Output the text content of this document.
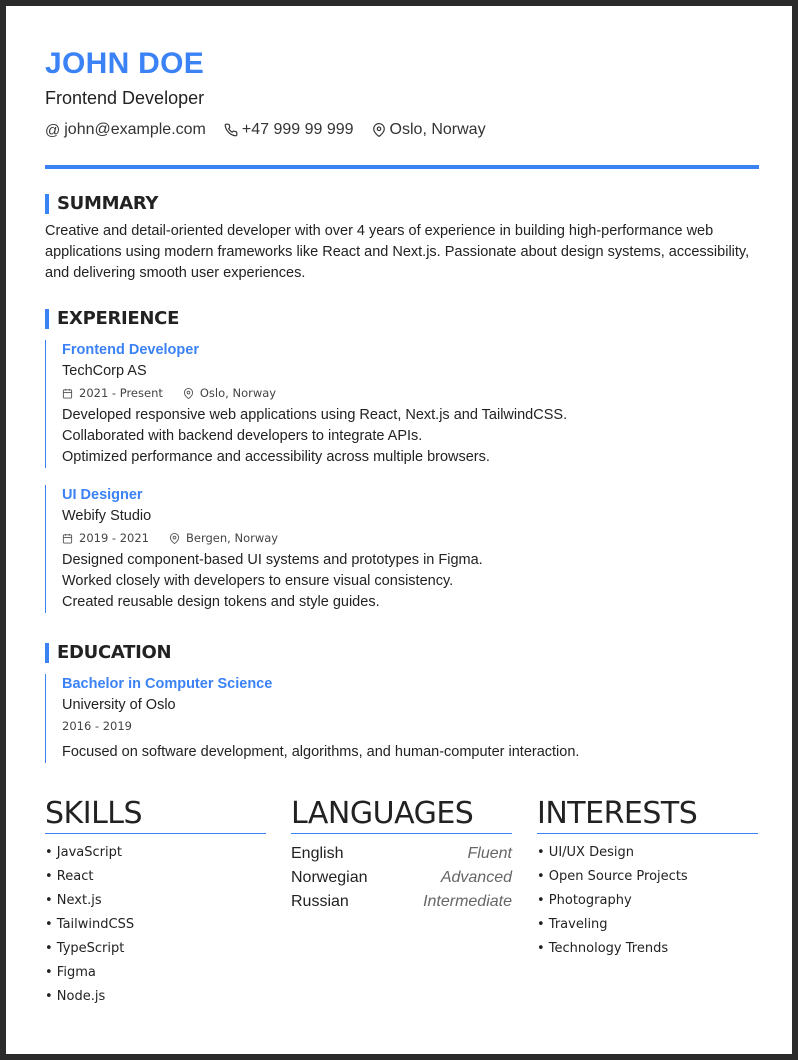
JOHN DOE
Frontend Developer
@ john@example.com +47 999 99 999 Oslo, Norway
SUMMARY
Creative and detail-oriented developer with over 4 years of experience in building high-performance web
applications using modern frameworks like React and Next.js. Passionate about design systems, accessibility,
and delivering smooth user experiences.
EXPERIENCE
Frontend Developer
TechCorp AS
2021 - Present	Oslo, Norway
Developed responsive web applications using React, Next.js and TailwindCSS.
Collaborated with backend developers to integrate APIs.
Optimized performance and accessibility across multiple browsers.
UI Designer
Webify Studio
2019 - 2021	Bergen, Norway
Designed component-based UI systems and prototypes in Figma.
Worked closely with developers to ensure visual consistency.
Created reusable design tokens and style guides.
EDUCATION
Bachelor in Computer Science
University of Oslo
2016 - 2019
Focused on software development, algorithms, and human-computer interaction.
SKILLS
• JavaScript
• React
• Next.js
• TailwindCSS
• TypeScript
• Figma
• Node.js
LANGUAGES
English	Fluent
Norwegian	Advanced
Russian	Intermediate
INTERESTS
• UI/UX Design
• Open Source Projects
• Photography
• Traveling
• Technology Trends
